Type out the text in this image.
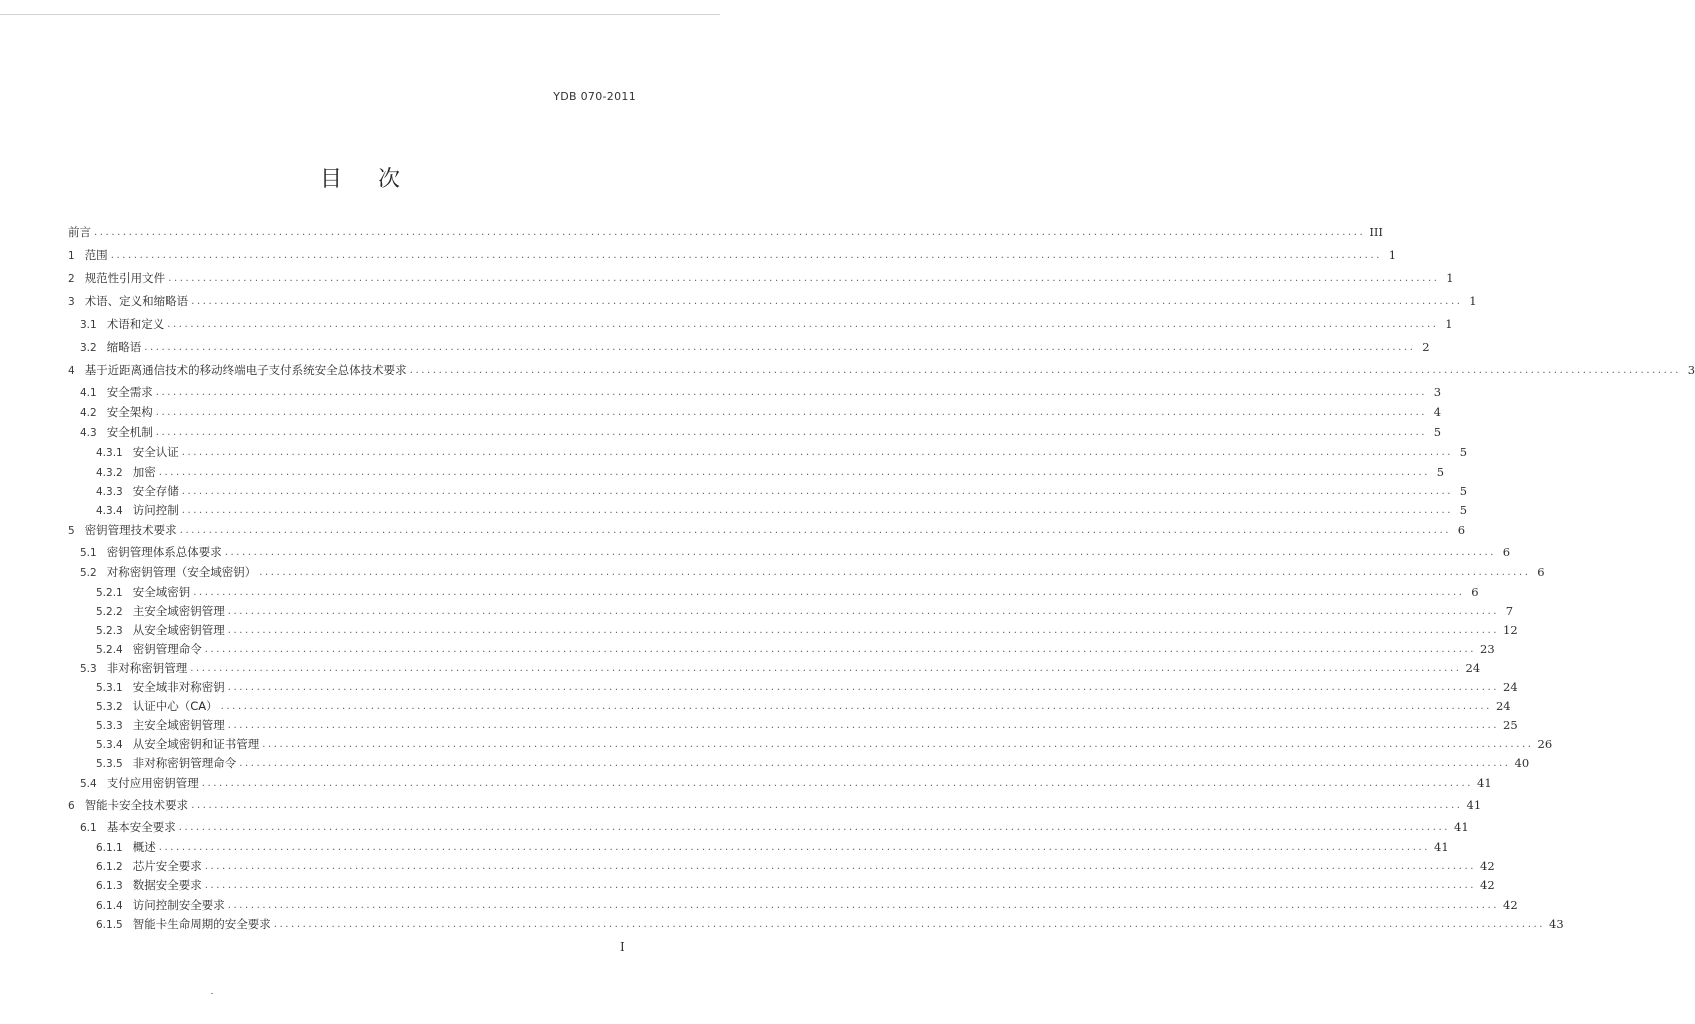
YDB 070-2011
目 次
前言 ............................................................................................................................................................................................................................ III
1 范围 ............................................................................................................................................................................................................................ 1
2 规范性引用文件 ............................................................................................................................................................................................................................ 1
3 术语、定义和缩略语 ............................................................................................................................................................................................................................ 1
3.1 术语和定义 ............................................................................................................................................................................................................................ 1
3.2 缩略语 ............................................................................................................................................................................................................................ 2
4 基于近距离通信技术的移动终端电子支付系统安全总体技术要求 ............................................................................................................................................................................................................................ 3
4.1 安全需求 ............................................................................................................................................................................................................................ 3
4.2 安全架构 ............................................................................................................................................................................................................................ 4
4.3 安全机制 ............................................................................................................................................................................................................................ 5
4.3.1 安全认证 ............................................................................................................................................................................................................................ 5
4.3.2 加密 ............................................................................................................................................................................................................................ 5
4.3.3 安全存储 ............................................................................................................................................................................................................................ 5
4.3.4 访问控制 ............................................................................................................................................................................................................................ 5
5 密钥管理技术要求 ............................................................................................................................................................................................................................ 6
5.1 密钥管理体系总体要求 ............................................................................................................................................................................................................................ 6
5.2 对称密钥管理（安全域密钥） ............................................................................................................................................................................................................................ 6
5.2.1 安全域密钥 ............................................................................................................................................................................................................................ 6
5.2.2 主安全域密钥管理 ............................................................................................................................................................................................................................ 7
5.2.3 从安全域密钥管理 ............................................................................................................................................................................................................................ 12
5.2.4 密钥管理命令 ............................................................................................................................................................................................................................ 23
5.3 非对称密钥管理 ............................................................................................................................................................................................................................ 24
5.3.1 安全域非对称密钥 ............................................................................................................................................................................................................................ 24
5.3.2 认证中心（CA） ............................................................................................................................................................................................................................ 24
5.3.3 主安全域密钥管理 ............................................................................................................................................................................................................................ 25
5.3.4 从安全域密钥和证书管理 ............................................................................................................................................................................................................................ 26
5.3.5 非对称密钥管理命令 ............................................................................................................................................................................................................................ 40
5.4 支付应用密钥管理 ............................................................................................................................................................................................................................ 41
6 智能卡安全技术要求 ............................................................................................................................................................................................................................ 41
6.1 基本安全要求 ............................................................................................................................................................................................................................ 41
6.1.1 概述 ............................................................................................................................................................................................................................ 41
6.1.2 芯片安全要求 ............................................................................................................................................................................................................................ 42
6.1.3 数据安全要求 ............................................................................................................................................................................................................................ 42
6.1.4 访问控制安全要求 ............................................................................................................................................................................................................................ 42
6.1.5 智能卡生命周期的安全要求 ............................................................................................................................................................................................................................ 43
I
